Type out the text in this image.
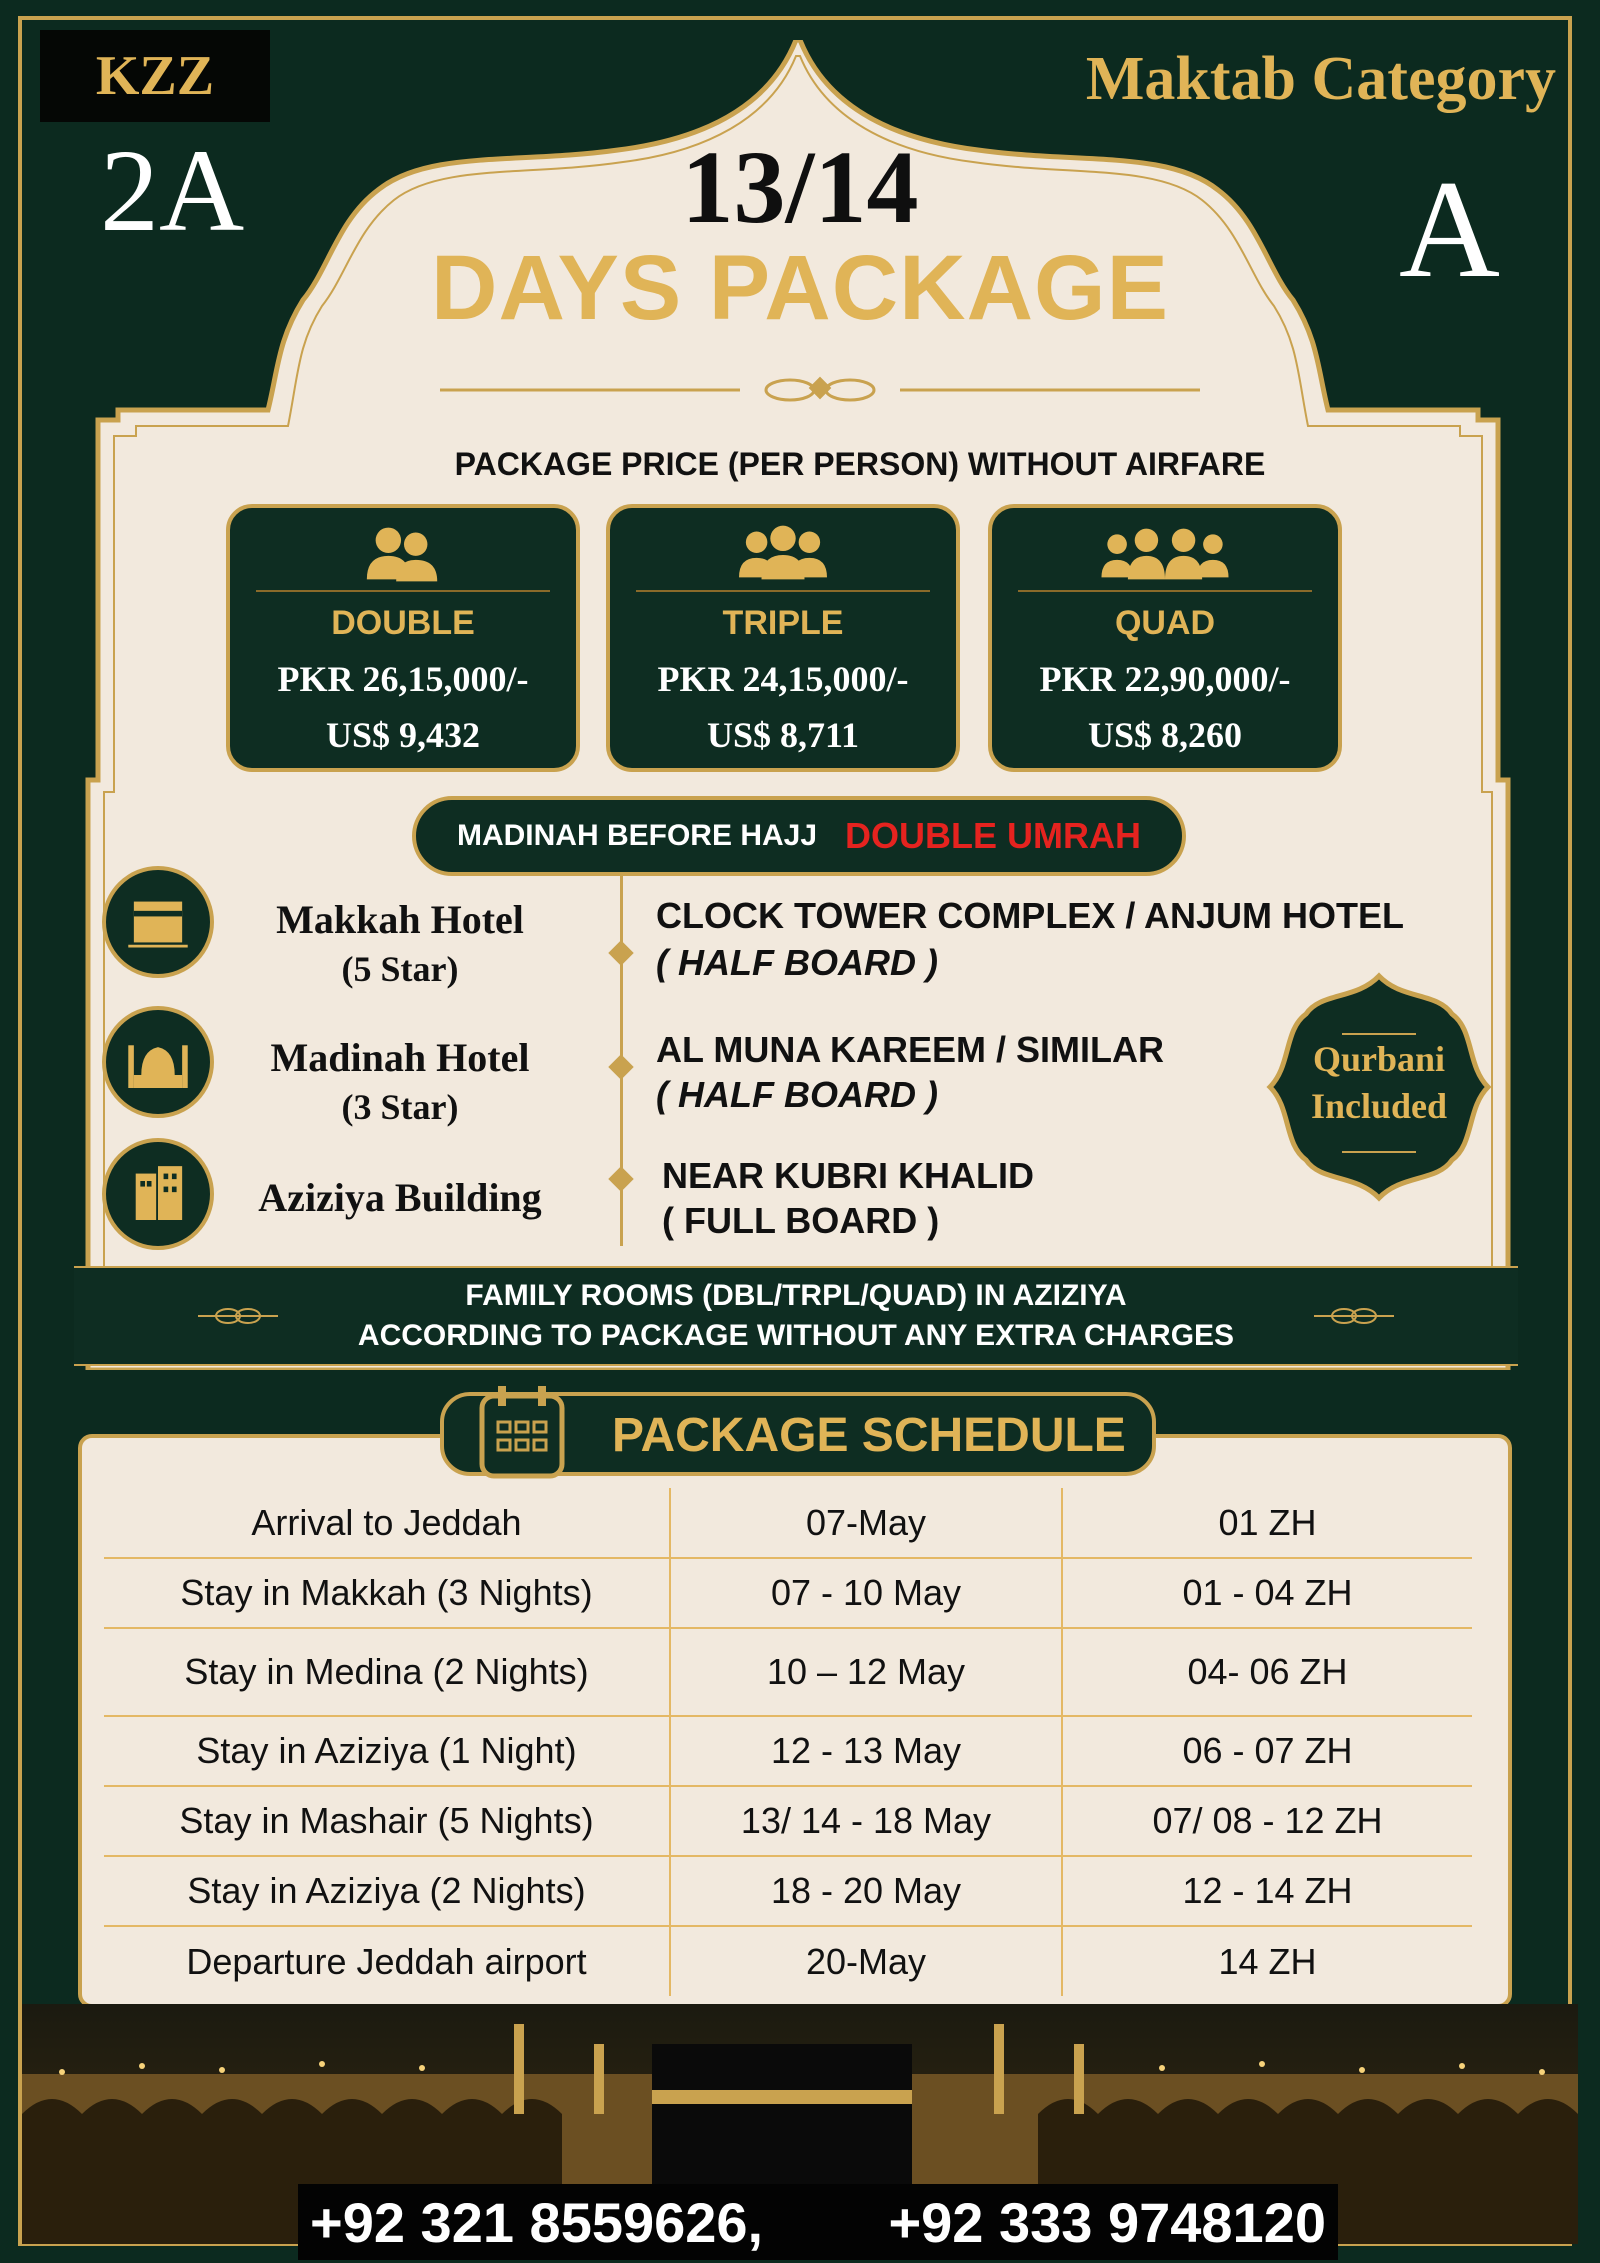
KZZ
2A
Maktab Category
A
13/14
DAYS PACKAGE
PACKAGE PRICE (PER PERSON) WITHOUT AIRFARE
DOUBLE
PKR 26,15,000/-
US$ 9,432
TRIPLE
PKR 24,15,000/-
US$ 8,711
QUAD
PKR 22,90,000/-
US$ 8,260
MADINAH BEFORE HAJJ DOUBLE UMRAH
Makkah Hotel
(5 Star)
CLOCK TOWER COMPLEX / ANJUM HOTEL
( HALF BOARD )
Madinah Hotel
(3 Star)
AL MUNA KAREEM / SIMILAR
( HALF BOARD )
Aziziya Building	NEAR KUBRI KHALID
( FULL BOARD )
Qurbani
Included
FAMILY ROOMS (DBL/TRPL/QUAD) IN AZIZIYA
ACCORDING TO PACKAGE WITHOUT ANY EXTRA CHARGES
PACKAGE SCHEDULE
Arrival to Jeddah	07-May	01 ZH
Stay in Makkah (3 Nights)	07 - 10 May	01 - 04 ZH
Stay in Medina (2 Nights)	10 – 12 May	04- 06 ZH
Stay in Aziziya (1 Night)	12 - 13 May	06 - 07 ZH
Stay in Mashair (5 Nights)	13/ 14 - 18 May	07/ 08 - 12 ZH
Stay in Aziziya (2 Nights)	18 - 20 May	12 - 14 ZH
Departure Jeddah airport	20-May	14 ZH
+92 321 8559626, +92 333 9748120
